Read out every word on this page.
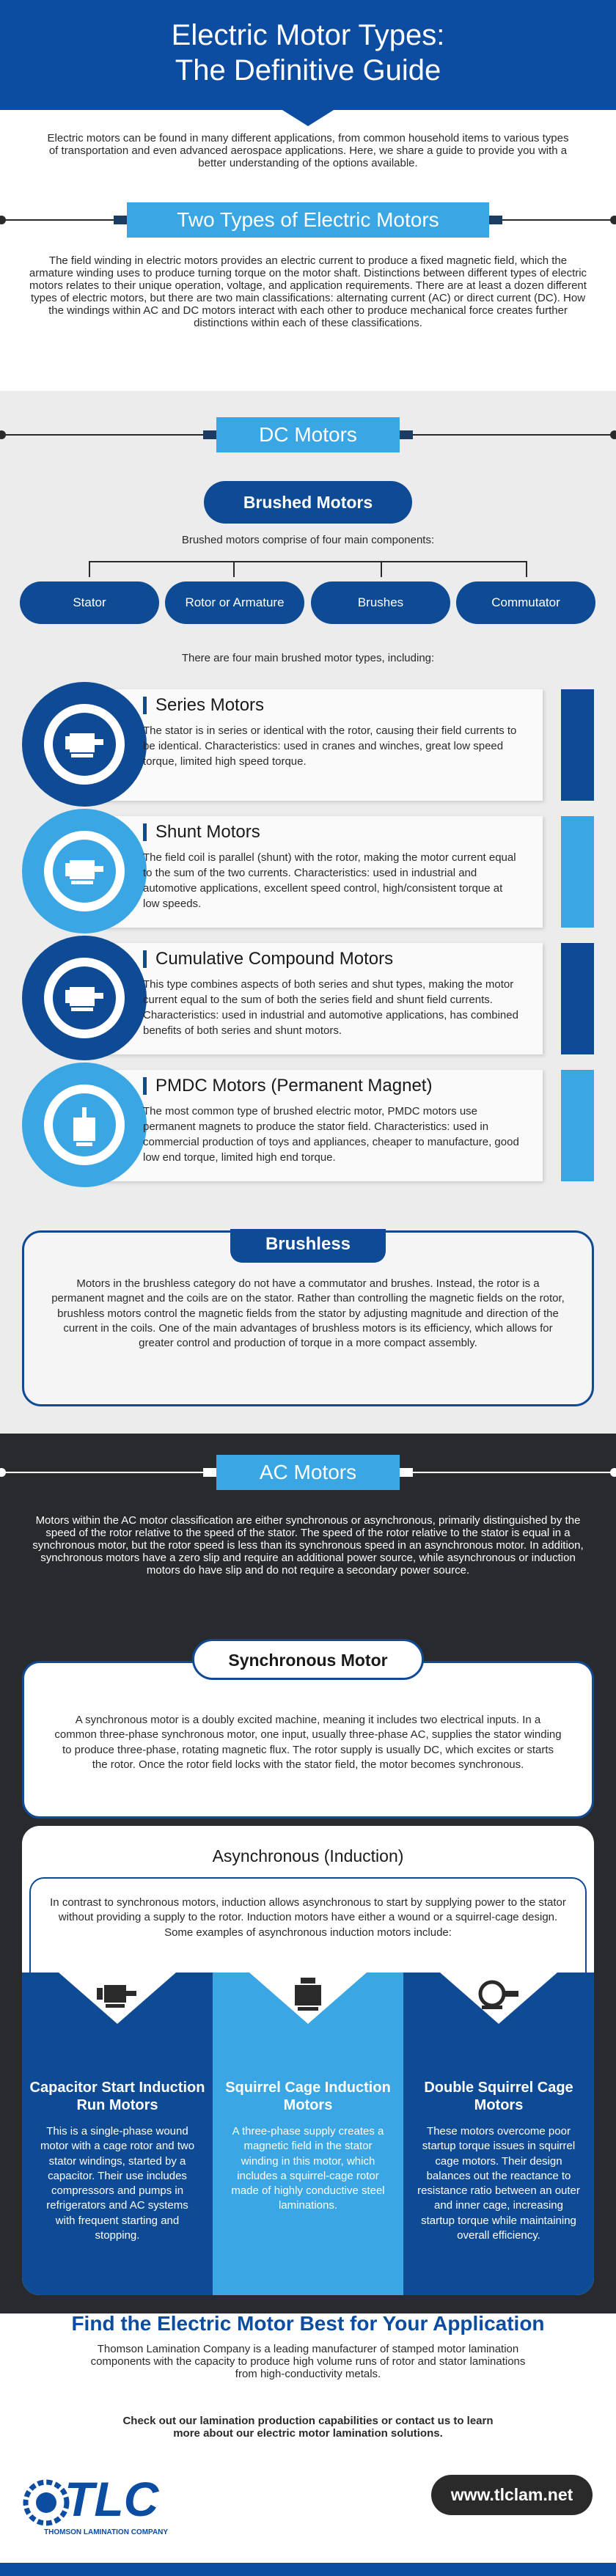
Electric Motor Types:
The Definitive Guide
Electric motors can be found in many different applications, from common household items to various types of transportation and even advanced aerospace applications. Here, we share a guide to provide you with a better understanding of the options available.
Two Types of Electric Motors
The field winding in electric motors provides an electric current to produce a fixed magnetic field, which the armature winding uses to produce turning torque on the motor shaft. Distinctions between different types of electric motors relates to their unique operation, voltage, and application requirements. There are at least a dozen different types of electric motors, but there are two main classifications: alternating current (AC) or direct current (DC). How the windings within AC and DC motors interact with each other to produce mechanical force creates further distinctions within each of these classifications.
DC Motors
Brushed Motors
Brushed motors comprise of four main components:
Stator	Rotor or Armature	Brushes	Commutator
There are four main brushed motor types, including:
Series Motors

The stator is in series or identical with the rotor, causing their field currents to be identical. Characteristics: used in cranes and winches, great low speed torque, limited high speed torque.

Shunt Motors

The field coil is parallel (shunt) with the rotor, making the motor current equal to the sum of the two currents. Characteristics: used in industrial and automotive applications, excellent speed control, high/consistent torque at low speeds.

Cumulative Compound Motors

This type combines aspects of both series and shut types, making the motor current equal to the sum of both the series field and shunt field currents. Characteristics: used in industrial and automotive applications, has combined benefits of both series and shunt motors.

PMDC Motors (Permanent Magnet)

The most common type of brushed electric motor, PMDC motors use permanent magnets to produce the stator field. Characteristics: used in commercial production of toys and appliances, cheaper to manufacture, good low end torque, limited high end torque.

Motors in the brushless category do not have a commutator and brushes. Instead, the rotor is a permanent magnet and the coils are on the stator. Rather than controlling the magnetic fields on the rotor, brushless motors control the magnetic fields from the stator by adjusting magnitude and direction of the current in the coils. One of the main advantages of brushless motors is its efficiency, which allows for greater control and production of torque in a more compact assembly.

Brushless
AC Motors
Motors within the AC motor classification are either synchronous or asynchronous, primarily distinguished by the speed of the rotor relative to the speed of the stator. The speed of the rotor relative to the stator is equal in a synchronous motor, but the rotor speed is less than its synchronous speed in an asynchronous motor. In addition, synchronous motors have a zero slip and require an additional power source, while asynchronous or induction motors do have slip and do not require a secondary power source.

A synchronous motor is a doubly excited machine, meaning it includes two electrical inputs. In a common three-phase synchronous motor, one input, usually three-phase AC, supplies the stator winding to produce three-phase, rotating magnetic flux. The rotor supply is usually DC, which excites or starts the rotor. Once the rotor field locks with the stator field, the motor becomes synchronous.

Synchronous Motor
Asynchronous (Induction)

In contrast to synchronous motors, induction allows asynchronous to start by supplying power to the stator without providing a supply to the rotor. Induction motors have either a wound or a squirrel-cage design. Some examples of asynchronous induction motors include:

Capacitor Start Induction Run Motors

This is a single-phase wound motor with a cage rotor and two stator windings, started by a capacitor. Their use includes compressors and pumps in refrigerators and AC systems with frequent starting and stopping.

Squirrel Cage Induction Motors

A three-phase supply creates a magnetic field in the stator winding in this motor, which includes a squirrel-cage rotor made of highly conductive steel laminations.

Double Squirrel Cage Motors

These motors overcome poor startup torque issues in squirrel cage motors. Their design balances out the reactance to resistance ratio between an outer and inner cage, increasing startup torque while maintaining overall efficiency.

Find the Electric Motor Best for Your Application
Thomson Lamination Company is a leading manufacturer of stamped motor lamination components with the capacity to produce high volume runs of rotor and stator laminations from high-conductivity metals.
Check out our lamination production capabilities or contact us to learn more about our electric motor lamination solutions.
TLC
THOMSON LAMINATION COMPANY
www.tlclam.net
